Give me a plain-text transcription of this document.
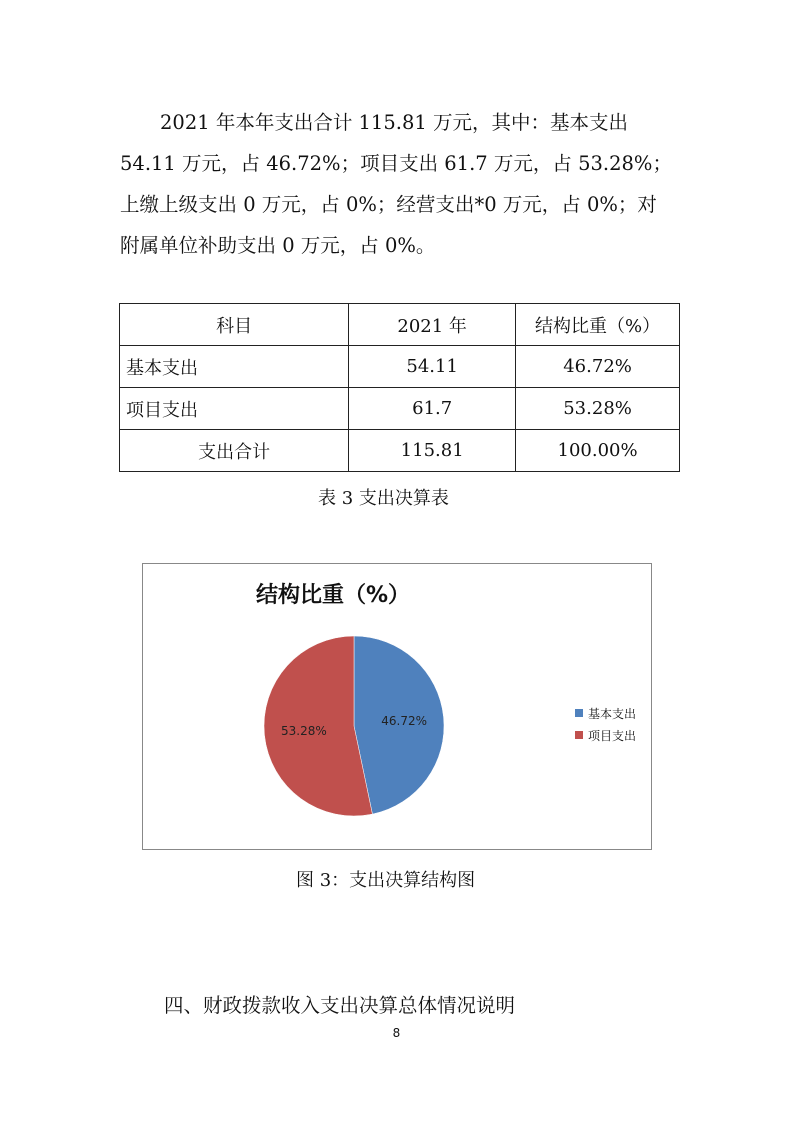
2021 年本年支出合计 115.81 万元，其中：基本支出
54.11 万元，占 46.72%；项目支出 61.7 万元，占 53.28%；
上缴上级支出 0 万元，占 0%；经营支出*0 万元，占 0%；对
附属单位补助支出 0 万元，占 0%。
科目	2021 年	结构比重（%）
基本支出	54.11	46.72%
项目支出	61.7	53.28%
支出合计	115.81	100.00%
表 3 支出决算表
结构比重（%）
46.72%
53.28%
基本支出
项目支出
图 3：支出决算结构图
四、财政拨款收入支出决算总体情况说明
8
